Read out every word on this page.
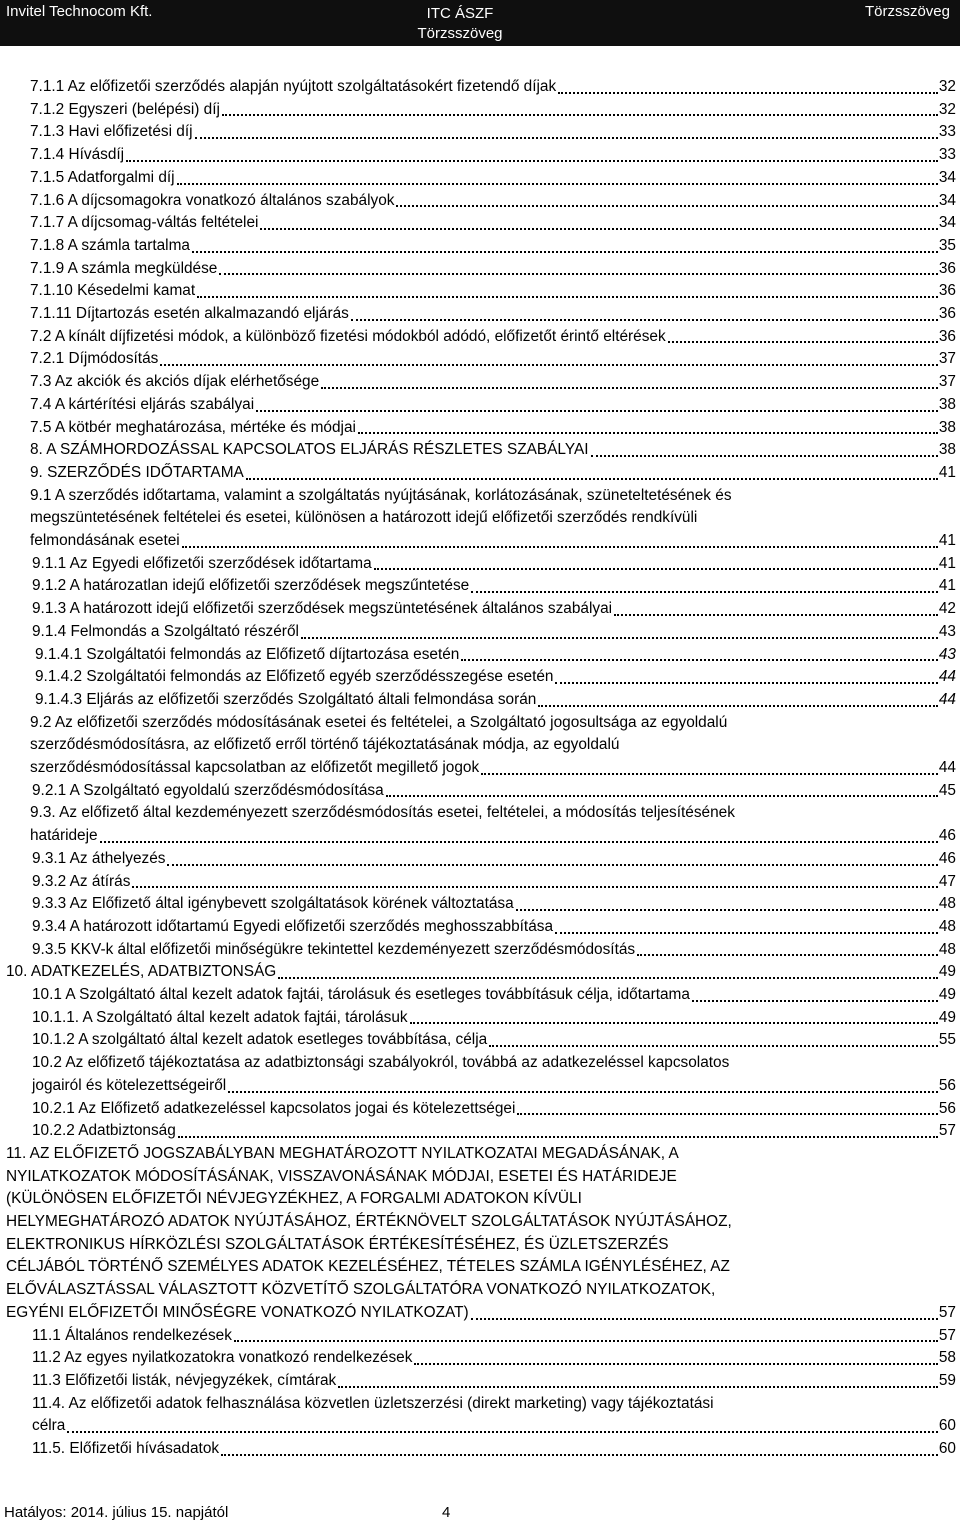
Invitel Technocom Kft.	ITC ÁSZF
Törzsszöveg
Törzsszöveg
7.1.1 Az előfizetői szerződés alapján nyújtott szolgáltatásokért fizetendő díjak	32
7.1.2 Egyszeri (belépési) díj	32
7.1.3 Havi előfizetési díj	33
7.1.4 Hívásdíj	33
7.1.5 Adatforgalmi díj	34
7.1.6 A díjcsomagokra vonatkozó általános szabályok	34
7.1.7 A díjcsomag-váltás feltételei	34
7.1.8 A számla tartalma	35
7.1.9 A számla megküldése	36
7.1.10 Késedelmi kamat	36
7.1.11 Díjtartozás esetén alkalmazandó eljárás	36
7.2 A kínált díjfizetési módok, a különböző fizetési módokból adódó, előfizetőt érintő eltérések	36
7.2.1 Díjmódosítás	37
7.3 Az akciók és akciós díjak elérhetősége	37
7.4 A kártérítési eljárás szabályai	38
7.5 A kötbér meghatározása, mértéke és módjai	38
8. A SZÁMHORDOZÁSSAL KAPCSOLATOS ELJÁRÁS RÉSZLETES SZABÁLYAI	38
9. SZERZŐDÉS IDŐTARTAMA	41
9.1 A szerződés időtartama, valamint a szolgáltatás nyújtásának, korlátozásának, szüneteltetésének és
megszüntetésének feltételei és esetei, különösen a határozott idejű előfizetői szerződés rendkívüli
felmondásának esetei	41
9.1.1 Az Egyedi előfizetői szerződések időtartama	41
9.1.2 A határozatlan idejű előfizetői szerződések megszűntetése	41
9.1.3 A határozott idejű előfizetői szerződések megszüntetésének általános szabályai	42
9.1.4 Felmondás a Szolgáltató részéről	43
9.1.4.1 Szolgáltatói felmondás az Előfizető díjtartozása esetén	43
9.1.4.2 Szolgáltatói felmondás az Előfizető egyéb szerződésszegése esetén	44
9.1.4.3 Eljárás az előfizetői szerződés Szolgáltató általi felmondása során	44
9.2 Az előfizetői szerződés módosításának esetei és feltételei, a Szolgáltató jogosultsága az egyoldalú
szerződésmódosításra, az előfizető erről történő tájékoztatásának módja, az egyoldalú
szerződésmódosítással kapcsolatban az előfizetőt megillető jogok	44
9.2.1 A Szolgáltató egyoldalú szerződésmódosítása	45
9.3. Az előfizető által kezdeményezett szerződésmódosítás esetei, feltételei, a módosítás teljesítésének
határideje	46
9.3.1 Az áthelyezés	46
9.3.2 Az átírás	47
9.3.3 Az Előfizető által igénybevett szolgáltatások körének változtatása	48
9.3.4 A határozott időtartamú Egyedi előfizetői szerződés meghosszabbítása	48
9.3.5 KKV-k által előfizetői minőségükre tekintettel kezdeményezett szerződésmódosítás	48
10. ADATKEZELÉS, ADATBIZTONSÁG	49
10.1 A Szolgáltató által kezelt adatok fajtái, tárolásuk és esetleges továbbításuk célja, időtartama	49
10.1.1. A Szolgáltató által kezelt adatok fajtái, tárolásuk	49
10.1.2 A szolgáltató által kezelt adatok esetleges továbbítása, célja	55
10.2 Az előfizető tájékoztatása az adatbiztonsági szabályokról, továbbá az adatkezeléssel kapcsolatos
jogairól és kötelezettségeiről	56
10.2.1 Az Előfizető adatkezeléssel kapcsolatos jogai és kötelezettségei	56
10.2.2 Adatbiztonság	57
11. AZ ELŐFIZETŐ JOGSZABÁLYBAN MEGHATÁROZOTT NYILATKOZATAI MEGADÁSÁNAK, A
NYILATKOZATOK MÓDOSÍTÁSÁNAK, VISSZAVONÁSÁNAK MÓDJAI, ESETEI ÉS HATÁRIDEJE
(KÜLÖNÖSEN ELŐFIZETŐI NÉVJEGYZÉKHEZ, A FORGALMI ADATOKON KÍVÜLI
HELYMEGHATÁROZÓ ADATOK NYÚJTÁSÁHOZ, ÉRTÉKNÖVELT SZOLGÁLTATÁSOK NYÚJTÁSÁHOZ,
ELEKTRONIKUS HÍRKÖZLÉSI SZOLGÁLTATÁSOK ÉRTÉKESÍTÉSÉHEZ, ÉS ÜZLETSZERZÉS
CÉLJÁBÓL TÖRTÉNŐ SZEMÉLYES ADATOK KEZELÉSÉHEZ, TÉTELES SZÁMLA IGÉNYLÉSÉHEZ, AZ
ELŐVÁLASZTÁSSAL VÁLASZTOTT KÖZVETÍTŐ SZOLGÁLTATÓRA VONATKOZÓ NYILATKOZATOK,
EGYÉNI ELŐFIZETŐI MINŐSÉGRE VONATKOZÓ NYILATKOZAT)	57
11.1 Általános rendelkezések	57
11.2 Az egyes nyilatkozatokra vonatkozó rendelkezések	58
11.3 Előfizetői listák, névjegyzékek, címtárak	59
11.4. Az előfizetői adatok felhasználása közvetlen üzletszerzési (direkt marketing) vagy tájékoztatási
célra	60
11.5. Előfizetői hívásadatok	60
Hatályos: 2014. július 15. napjától	4
